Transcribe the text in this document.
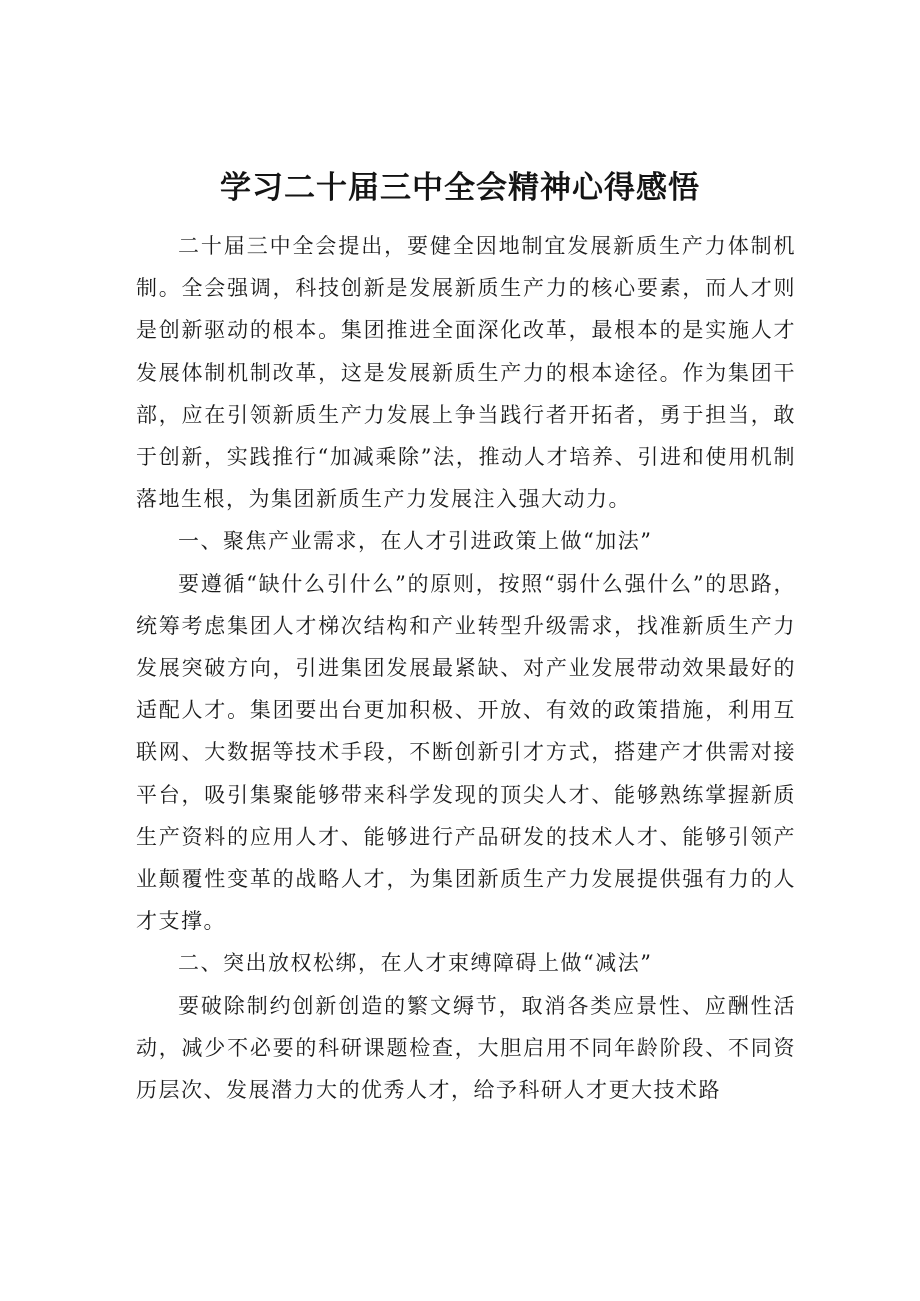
学习二十届三中全会精神心得感悟

二十届三中全会提出，要健全因地制宜发展新质生产力体制机制。全会强调，科技创新是发展新质生产力的核心要素，而人才则是创新驱动的根本。集团推进全面深化改革，最根本的是实施人才发展体制机制改革，这是发展新质生产力的根本途径。作为集团干部，应在引领新质生产力发展上争当践行者开拓者，勇于担当，敢于创新，实践推行“加减乘除”法，推动人才培养、引进和使用机制落地生根，为集团新质生产力发展注入强大动力。

一、聚焦产业需求，在人才引进政策上做“加法”

要遵循“缺什么引什么”的原则，按照“弱什么强什么”的思路，统筹考虑集团人才梯次结构和产业转型升级需求，找准新质生产力发展突破方向，引进集团发展最紧缺、对产业发展带动效果最好的适配人才。集团要出台更加积极、开放、有效的政策措施，利用互联网、大数据等技术手段，不断创新引才方式，搭建产才供需对接平台，吸引集聚能够带来科学发现的顶尖人才、能够熟练掌握新质生产资料的应用人才、能够进行产品研发的技术人才、能够引领产业颠覆性变革的战略人才，为集团新质生产力发展提供强有力的人才支撑。

二、突出放权松绑，在人才束缚障碍上做“减法”

要破除制约创新创造的繁文缛节，取消各类应景性、应酬性活动，减少不必要的科研课题检查，大胆启用不同年龄阶段、不同资历层次、发展潜力大的优秀人才，给予科研人才更大技术路
